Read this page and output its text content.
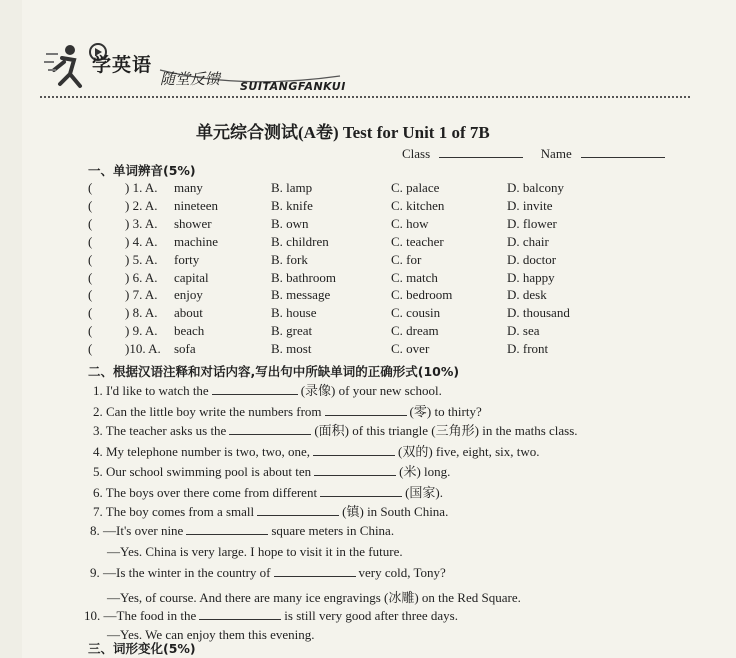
学英语
随堂反馈 SUITANGFANKUI
单元综合测试(A卷) Test for Unit 1 of 7B
Class	Name
一、单词辨音(5%)
(	) 1. A. many	B. lamp	C. palace	D. balcony
(	) 2. A. nineteen	B. knife	C. kitchen	D. invite
(	) 3. A. shower	B. own	C. how	D. flower
(	) 4. A. machine	B. children	C. teacher	D. chair
(	) 5. A. forty	B. fork	C. for	D. doctor
(	) 6. A. capital	B. bathroom	C. match	D. happy
(	) 7. A. enjoy	B. message	C. bedroom	D. desk
(	) 8. A. about	B. house	C. cousin	D. thousand
(	) 9. A. beach	B. great	C. dream	D. sea
(	)10. A. sofa	B. most	C. over	D. front
二、根据汉语注释和对话内容,写出句中所缺单词的正确形式(10%)
1. I'd like to watch the	(录像) of your new school.
2. Can the little boy write the numbers from	(零) to thirty?
3. The teacher asks us the	(面积) of this triangle (三角形) in the maths class.
4. My telephone number is two, two, one,	(双的) five, eight, six, two.
5. Our school swimming pool is about ten	(米) long.
6. The boys over there come from different	(国家).
7. The boy comes from a small	(镇) in South China.
8. —It's over nine	square meters in China.
—Yes. China is very large. I hope to visit it in the future.
9. —Is the winter in the country of	very cold, Tony?
—Yes, of course. And there are many ice engravings (冰雕) on the Red Square.
10. —The food in the	is still very good after three days.
—Yes. We can enjoy them this evening.
三、词形变化(5%)
